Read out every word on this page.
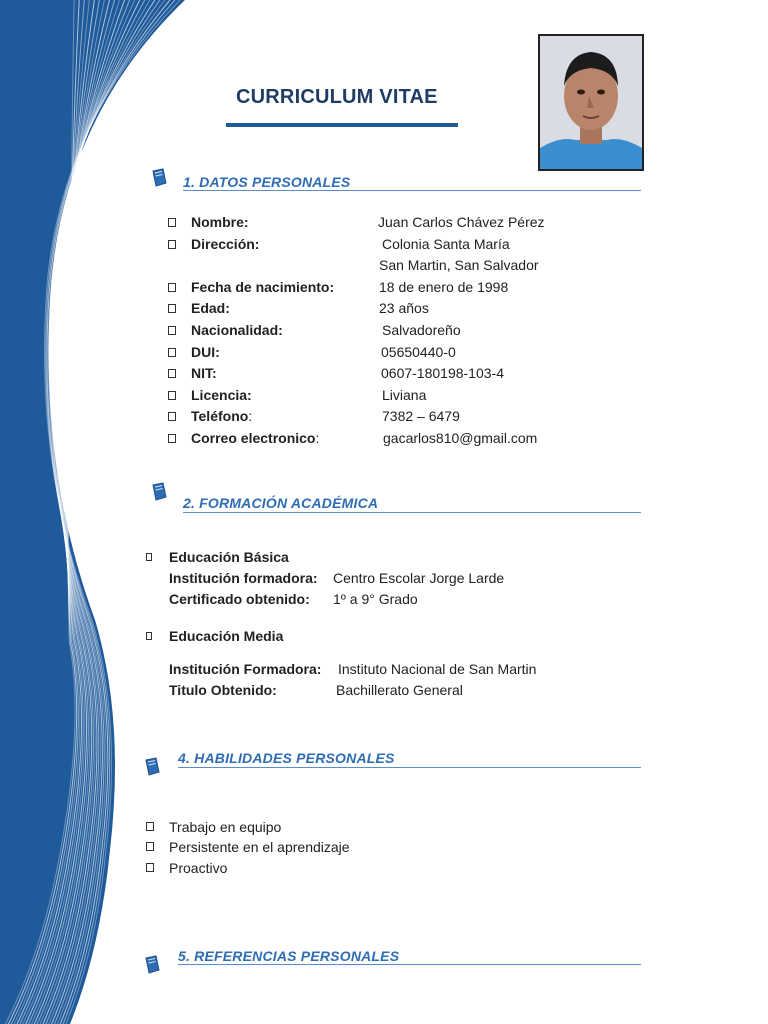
CURRICULUM VITAE
1. DATOS PERSONALES
Nombre:	Juan Carlos Chávez Pérez
Dirección:	Colonia Santa María
San Martin, San Salvador
Fecha de nacimiento:	18 de enero de 1998
Edad:	23 años
Nacionalidad:	Salvadoreño
DUI:	05650440-0
NIT:	0607-180198-103-4
Licencia:	Liviana
Teléfono:	7382 – 6479
Correo electronico:	gacarlos810@gmail.com
2. FORMACIÓN ACADÉMICA
Educación Básica
Institución formadora: Centro Escolar Jorge Larde
Certificado obtenido: 1º a 9° Grado
Educación Media
Institución Formadora: Instituto Nacional de San Martin
Titulo Obtenido:	Bachillerato General
4. HABILIDADES PERSONALES
Trabajo en equipo
Persistente en el aprendizaje
Proactivo
5. REFERENCIAS PERSONALES
